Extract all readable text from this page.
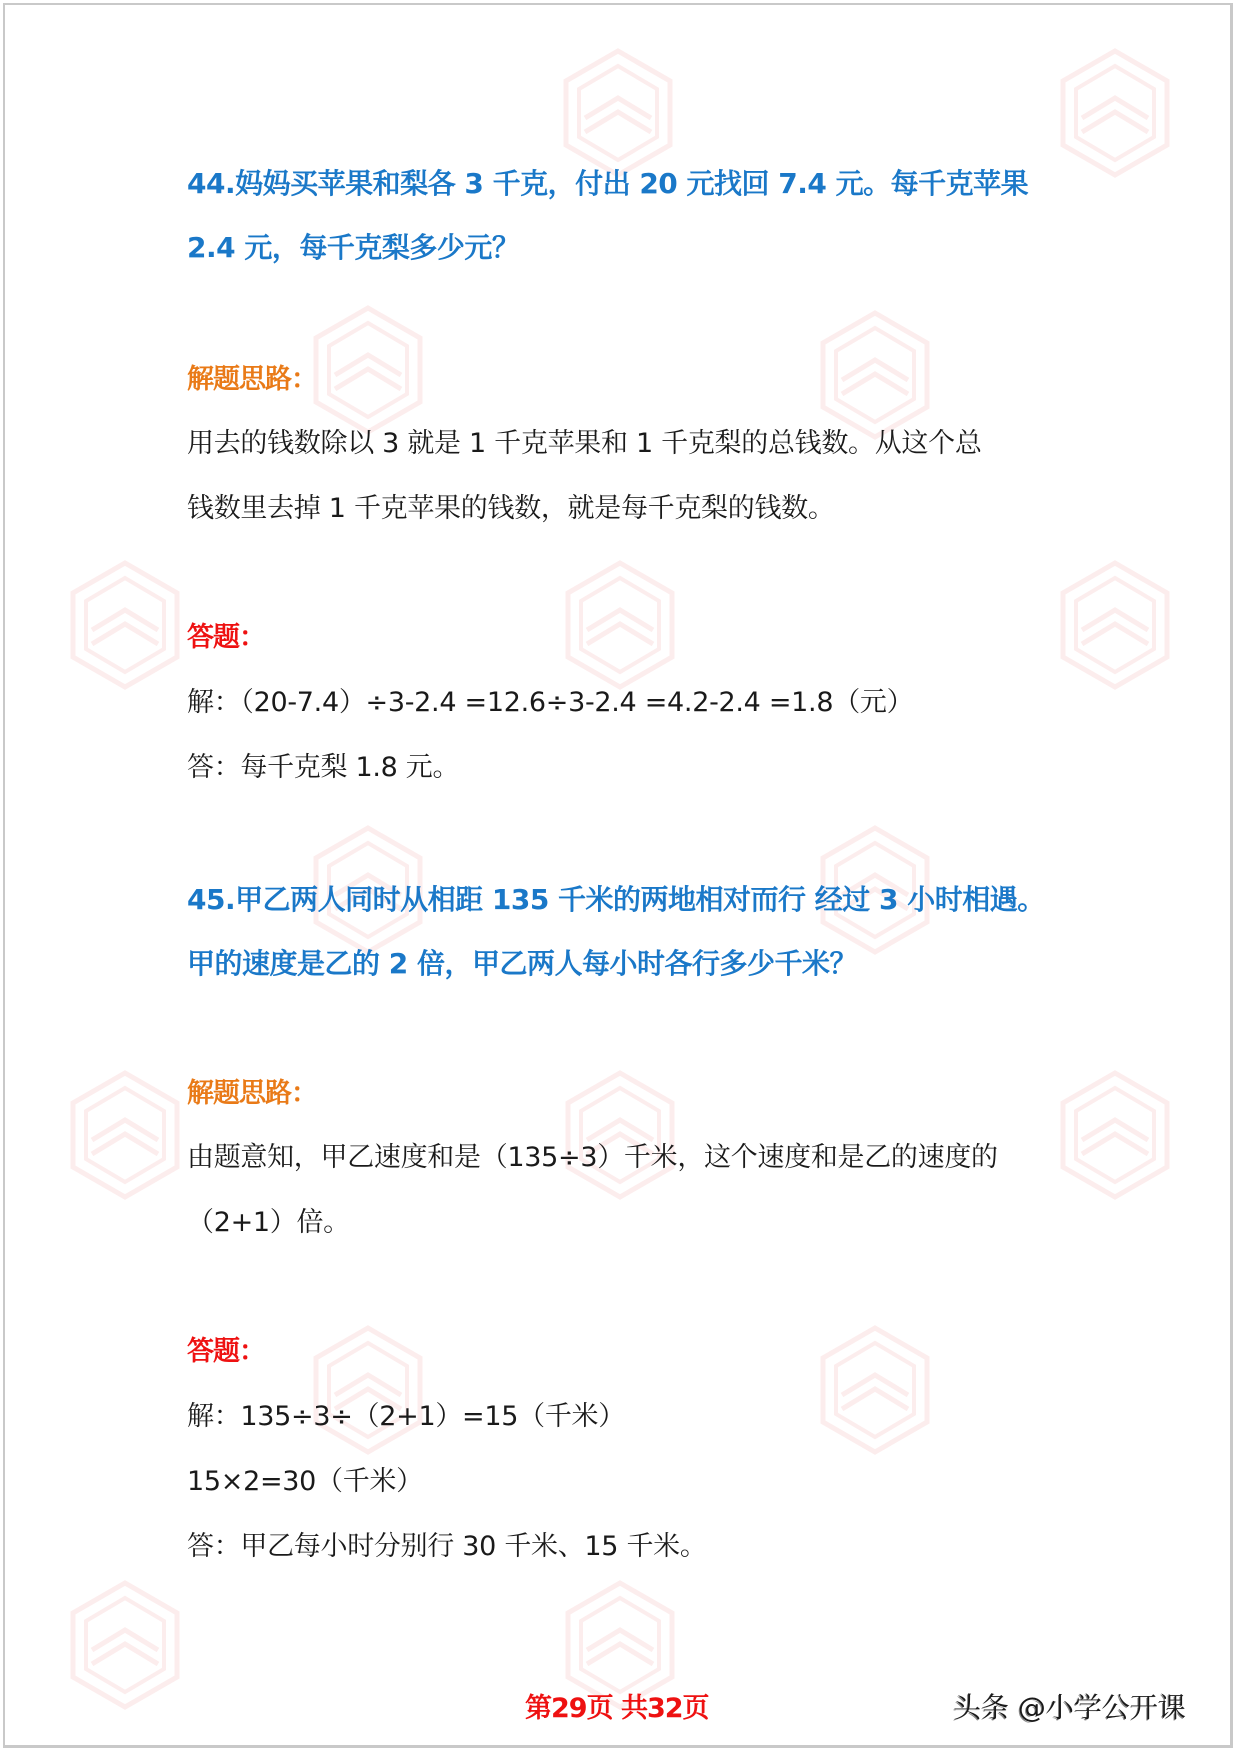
44.妈妈买苹果和梨各 3 千克，付出 20 元找回 7.4 元。每千克苹果
2.4 元，每千克梨多少元？
解题思路：
用去的钱数除以 3 就是 1 千克苹果和 1 千克梨的总钱数。从这个总
钱数里去掉 1 千克苹果的钱数，就是每千克梨的钱数。
答题：
解：（20-7.4）÷3-2.4 =12.6÷3-2.4 =4.2-2.4 =1.8（元）
答：每千克梨 1.8 元。
45.甲乙两人同时从相距 135 千米的两地相对而行 经过 3 小时相遇。
甲的速度是乙的 2 倍，甲乙两人每小时各行多少千米？
解题思路：
由题意知，甲乙速度和是（135÷3）千米，这个速度和是乙的速度的
（2+1）倍。
答题：
解：135÷3÷（2+1）=15（千米）
15×2=30（千米）
答：甲乙每小时分别行 30 千米、15 千米。
第29页 共32页	头条 @小学公开课
